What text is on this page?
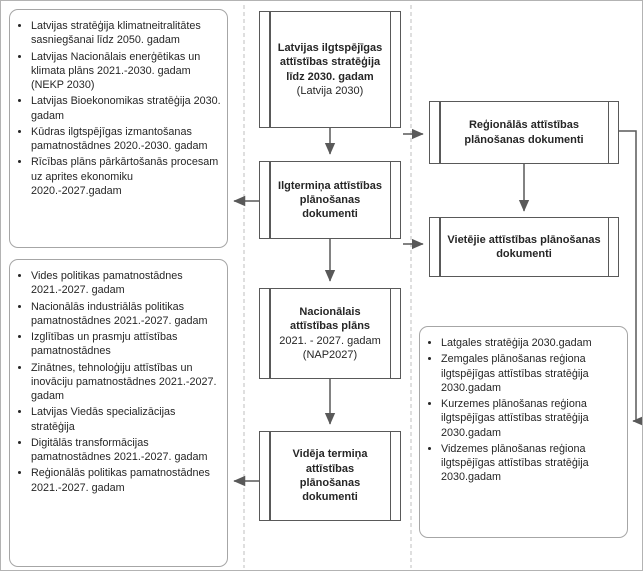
• Latvijas stratēģija klimatneitralitātes sasniegšanai līdz 2050. gadam
• Latvijas Nacionālais enerģētikas un klimata plāns 2021.-2030. gadam (NEKP 2030)
• Latvijas Bioekonomikas stratēģija 2030. gadam
• Kūdras ilgtspējīgas izmantošanas pamatnostādnes 2020.-2030. gadam
• Rīcības plāns pārkārtošanās procesam uz aprites ekonomiku 2020.-2027.gadam
• Vides politikas pamatnostādnes 2021.-2027. gadam
• Nacionālās industriālās politikas pamatnostādnes 2021.-2027. gadam
• Izglītības un prasmju attīstības pamatnostādnes
• Zinātnes, tehnoloģiju attīstības un inovāciju pamatnostādnes 2021.-2027. gadam
• Latvijas Viedās specializācijas stratēģija
• Digitālās transformācijas pamatnostādnes 2021.-2027. gadam
• Reģionālās politikas pamatnostādnes 2021.-2027. gadam
Latvijas ilgtspējīgas attīstības stratēģija līdz 2030. gadam
(Latvija 2030)
Ilgtermiņa attīstības plānošanas dokumenti
Nacionālais attīstības plāns
2021. - 2027. gadam
(NAP2027)
Vidēja termiņa attīstības plānošanas dokumenti
Reģionālās attīstības plānošanas dokumenti
Vietējie attīstības plānošanas dokumenti
• Latgales stratēģija 2030.gadam
• Zemgales plānošanas reģiona ilgtspējīgas attīstības stratēģija 2030.gadam
• Kurzemes plānošanas reģiona ilgtspējīgas attīstības stratēģija 2030.gadam
• Vidzemes plānošanas reģiona ilgtspējīgas attīstības stratēģija 2030.gadam
